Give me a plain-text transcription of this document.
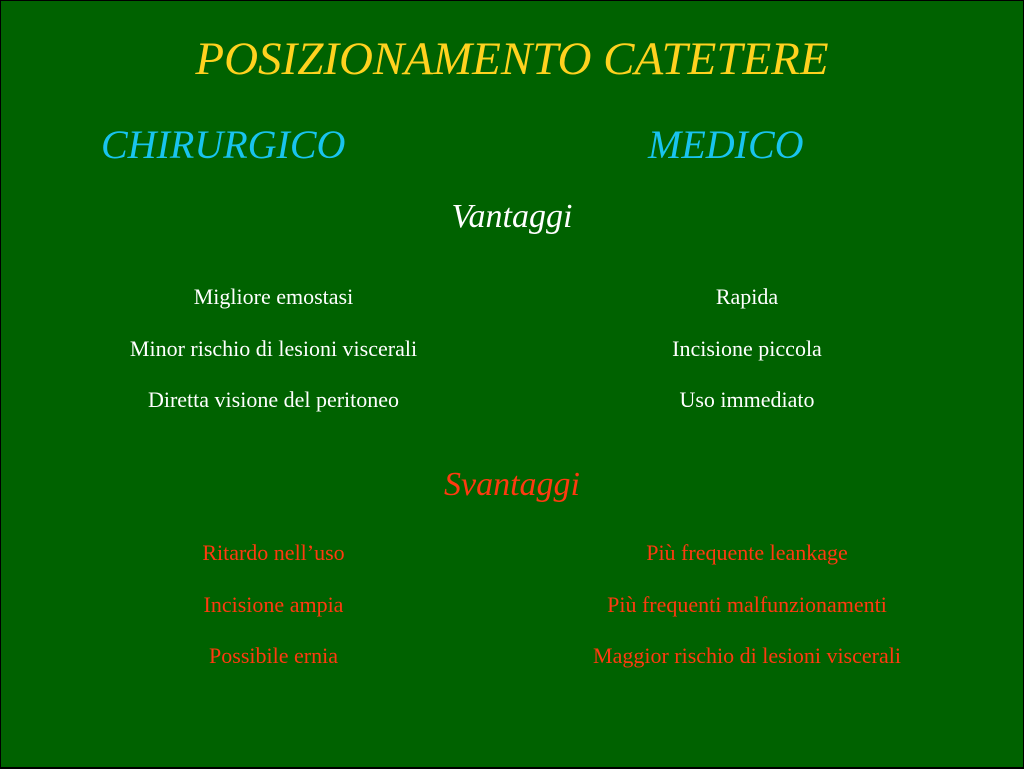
POSIZIONAMENTO CATETERE
CHIRURGICO	MEDICO
Vantaggi
Migliore emostasi
Minor rischio di lesioni viscerali
Diretta visione del peritoneo
Rapida
Incisione piccola
Uso immediato
Svantaggi
Ritardo nell’uso
Incisione ampia
Possibile ernia
Più frequente leankage
Più frequenti malfunzionamenti
Maggior rischio di lesioni viscerali
